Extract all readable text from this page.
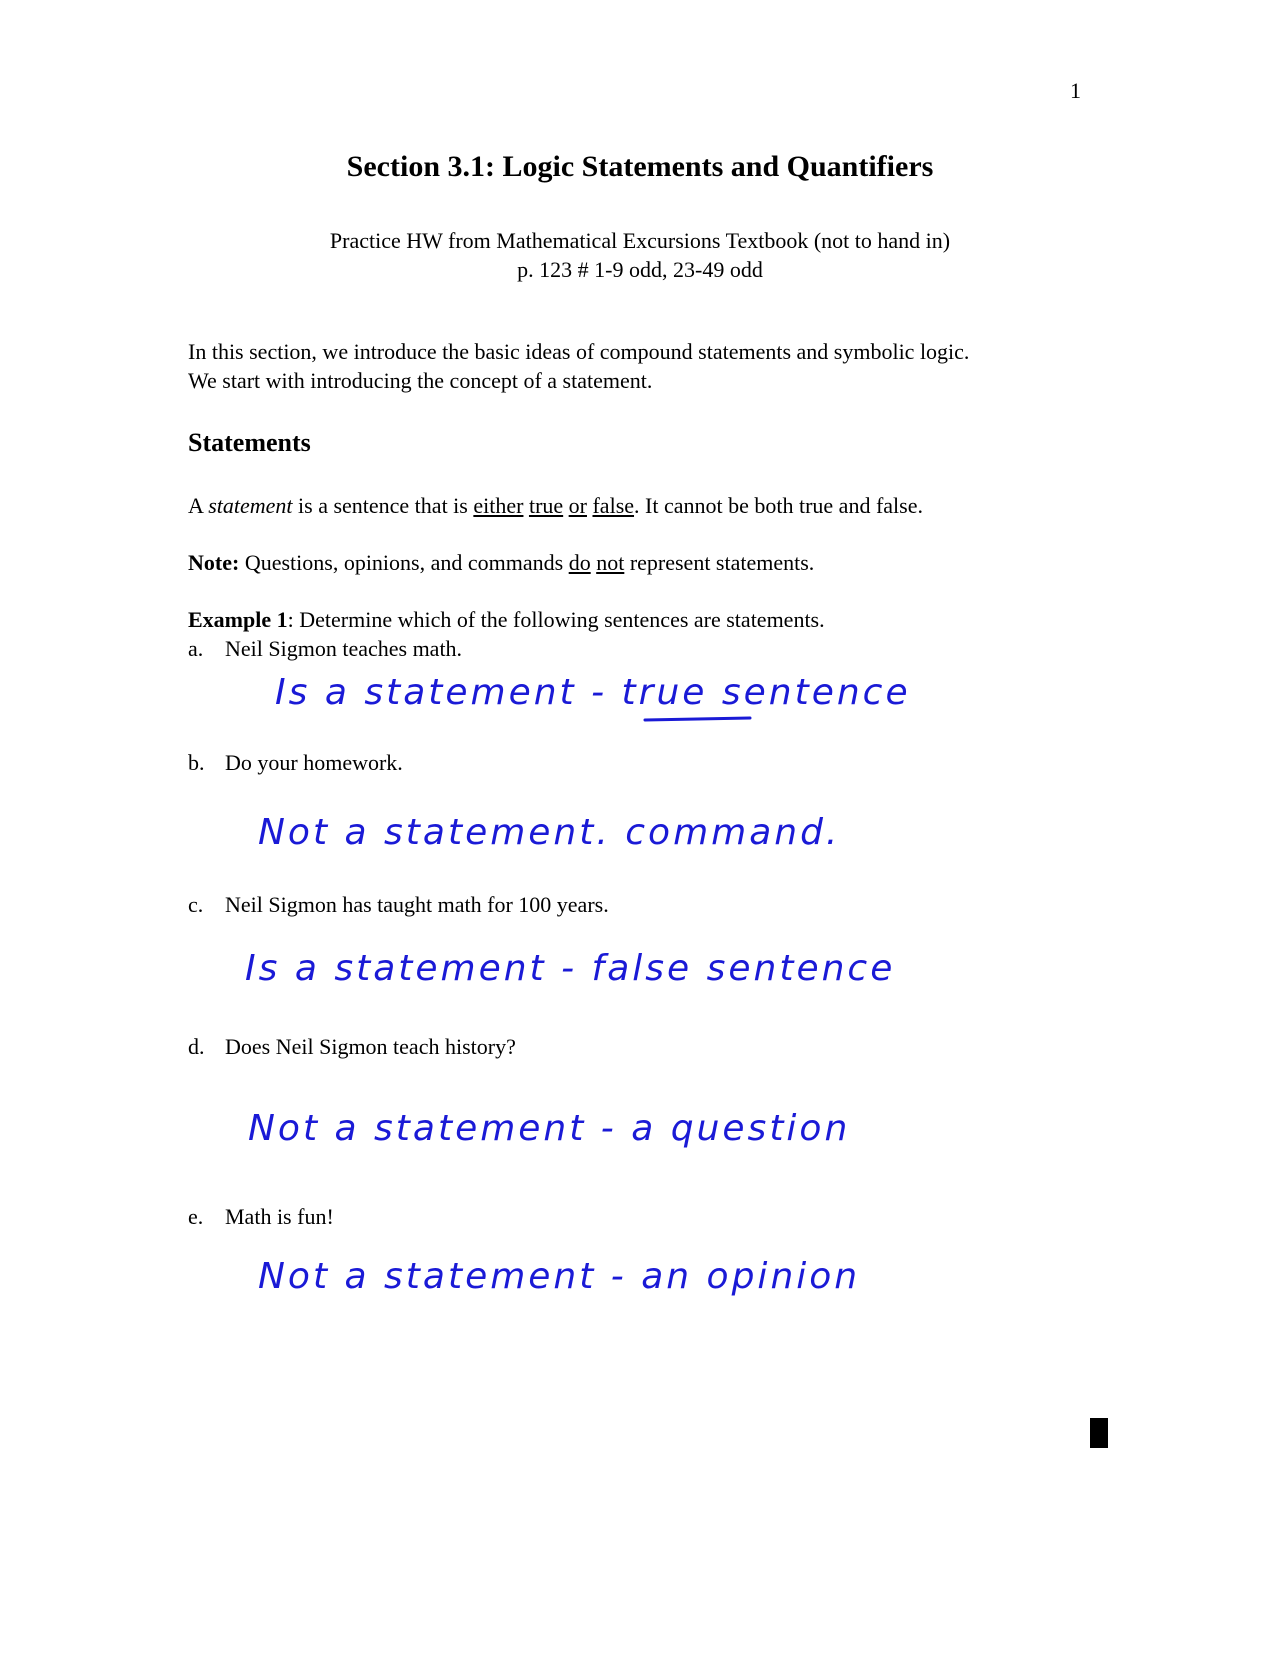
1
Section 3.1: Logic Statements and Quantifiers
Practice HW from Mathematical Excursions Textbook (not to hand in)
p. 123 # 1-9 odd, 23-49 odd
In this section, we introduce the basic ideas of compound statements and symbolic logic.
We start with introducing the concept of a statement.
Statements
A statement is a sentence that is either true or false. It cannot be both true and false.
Note: Questions, opinions, and commands do not represent statements.
Example 1: Determine which of the following sentences are statements.
a. Neil Sigmon teaches math.
Is a statement - true sentence
b. Do your homework.
Not a statement. command.
c. Neil Sigmon has taught math for 100 years.
Is a statement - false sentence
d. Does Neil Sigmon teach history?
Not a statement - a question
e. Math is fun!
Not a statement - an opinion
